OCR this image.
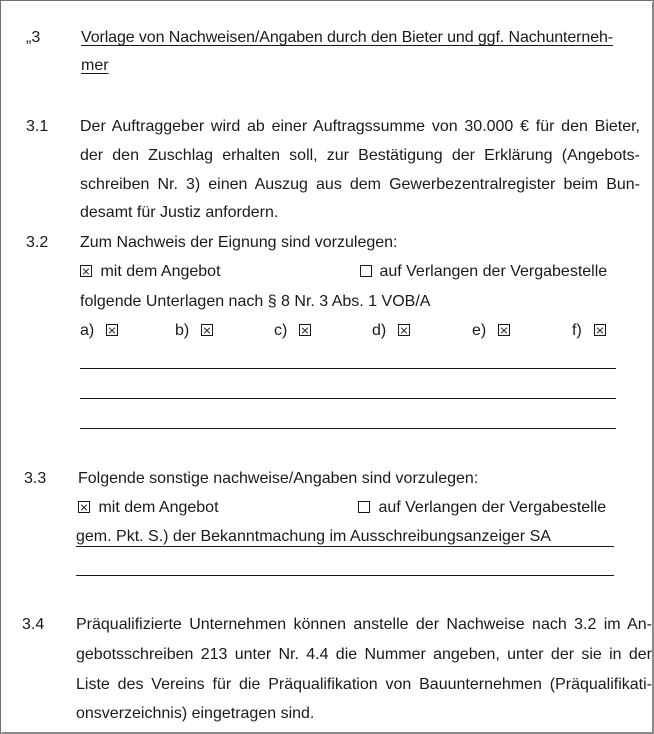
„3	Vorlage von Nachweisen/Angaben durch den Bieter und ggf. Nachunterneh-
mer
3.1 Der Auftraggeber wird ab einer Auftragssumme von 30.000 € für den Bieter,
der den Zuschlag erhalten soll, zur Bestätigung der Erklärung (Angebots-
schreiben Nr. 3) einen Auszug aus dem Gewerbezentralregister beim Bun-
desamt für Justiz anfordern.
3.2 Zum Nachweis der Eignung sind vorzulegen:
mit dem Angebot	auf Verlangen der Vergabestelle
folgende Unterlagen nach § 8 Nr. 3 Abs. 1 VOB/A
a)	b)	c)	d)	e)	f)
3.3 Folgende sonstige nachweise/Angaben sind vorzulegen:
mit dem Angebot	auf Verlangen der Vergabestelle
gem. Pkt. S.) der Bekanntmachung im Ausschreibungsanzeiger SA
3.4 Präqualifizierte Unternehmen können anstelle der Nachweise nach 3.2 im An-
gebotsschreiben 213 unter Nr. 4.4 die Nummer angeben, unter der sie in der
Liste des Vereins für die Präqualifikation von Bauunternehmen (Präqualifikati-
onsverzeichnis) eingetragen sind.
